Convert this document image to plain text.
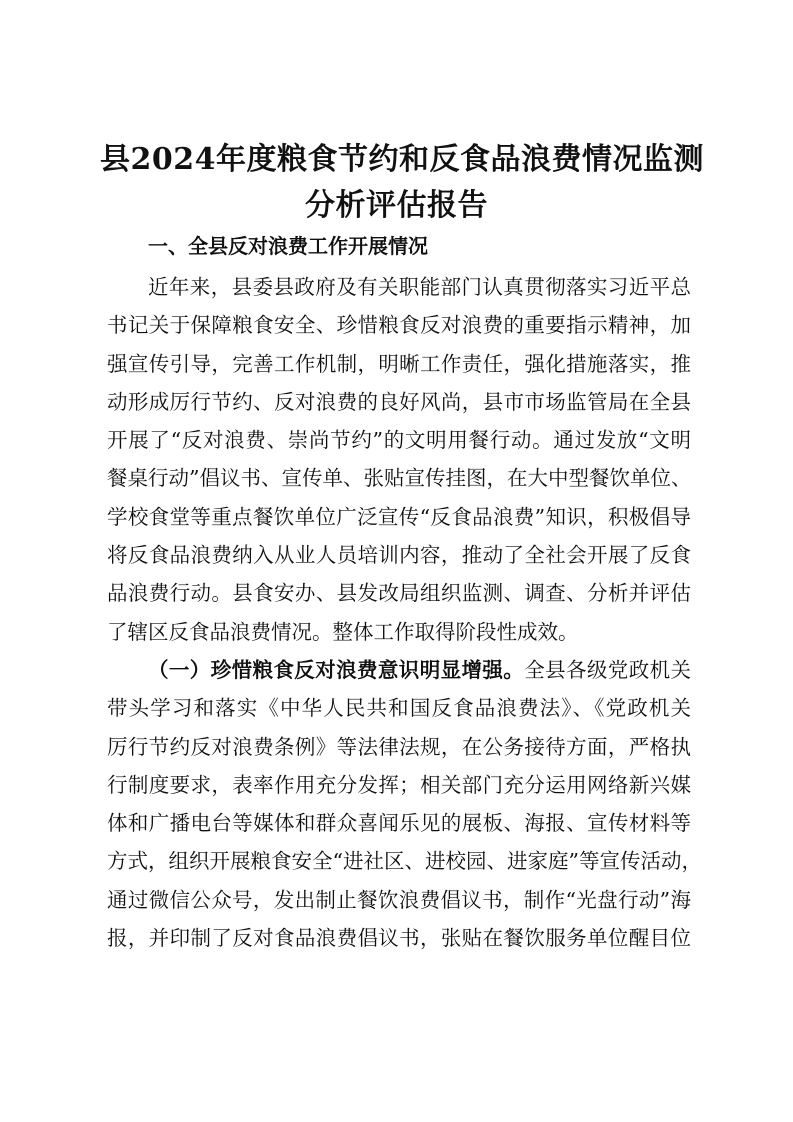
县2024年度粮食节约和反食品浪费情况监测
分析评估报告
一、全县反对浪费工作开展情况
近年来，县委县政府及有关职能部门认真贯彻落实习近平总
书记关于保障粮食安全、珍惜粮食反对浪费的重要指示精神，加
强宣传引导，完善工作机制，明晰工作责任，强化措施落实，推
动形成厉行节约、反对浪费的良好风尚，县市市场监管局在全县
开展了“反对浪费、崇尚节约”的文明用餐行动。通过发放“文明
餐桌行动”倡议书、宣传单、张贴宣传挂图，在大中型餐饮单位、
学校食堂等重点餐饮单位广泛宣传“反食品浪费”知识，积极倡导
将反食品浪费纳入从业人员培训内容，推动了全社会开展了反食
品浪费行动。县食安办、县发改局组织监测、调查、分析并评估
了辖区反食品浪费情况。整体工作取得阶段性成效。
（一）珍惜粮食反对浪费意识明显增强。全县各级党政机关
带头学习和落实《中华人民共和国反食品浪费法》、《党政机关
厉行节约反对浪费条例》等法律法规，在公务接待方面，严格执
行制度要求，表率作用充分发挥；相关部门充分运用网络新兴媒
体和广播电台等媒体和群众喜闻乐见的展板、海报、宣传材料等
方式，组织开展粮食安全“进社区、进校园、进家庭”等宣传活动，
通过微信公众号，发出制止餐饮浪费倡议书，制作“光盘行动”海
报，并印制了反对食品浪费倡议书，张贴在餐饮服务单位醒目位
